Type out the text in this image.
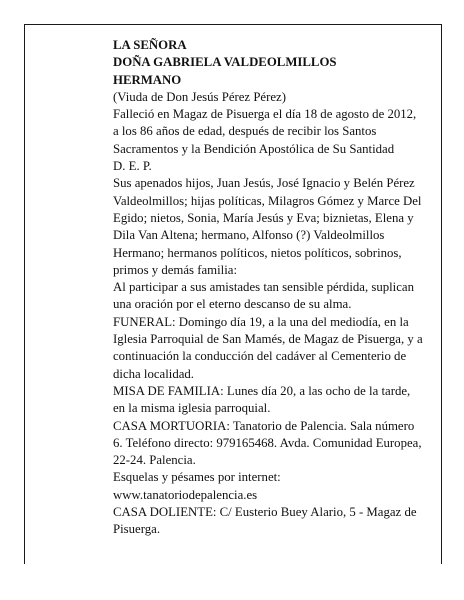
LA SEÑORA

DOÑA GABRIELA VALDEOLMILLOS

HERMANO

(Viuda de Don Jesús Pérez Pérez)

Falleció en Magaz de Pisuerga el día 18 de agosto de 2012, a los 86 años de edad, después de recibir los Santos Sacramentos y la Bendición Apostólica de Su Santidad

D. E. P.

Sus apenados hijos, Juan Jesús, José Ignacio y Belén Pérez Valdeolmillos; hijas políticas, Milagros Gómez y Marce Del Egido; nietos, Sonia, María Jesús y Eva; biznietas, Elena y Dila Van Altena; hermano, Alfonso (?) Valdeolmillos Hermano; hermanos políticos, nietos políticos, sobrinos, primos y demás familia:

Al participar a sus amistades tan sensible pérdida, suplican una oración por el eterno descanso de su alma.

FUNERAL: Domingo día 19, a la una del mediodía, en la Iglesia Parroquial de San Mamés, de Magaz de Pisuerga, y a continuación la conducción del cadáver al Cementerio de dicha localidad.

MISA DE FAMILIA: Lunes día 20, a las ocho de la tarde, en la misma iglesia parroquial.

CASA MORTUORIA: Tanatorio de Palencia. Sala número 6. Teléfono directo: 979165468. Avda. Comunidad Europea, 22-24. Palencia.

Esquelas y pésames por internet:

www.tanatoriodepalencia.es

CASA DOLIENTE: C/ Eusterio Buey Alario, 5 - Magaz de Pisuerga.
